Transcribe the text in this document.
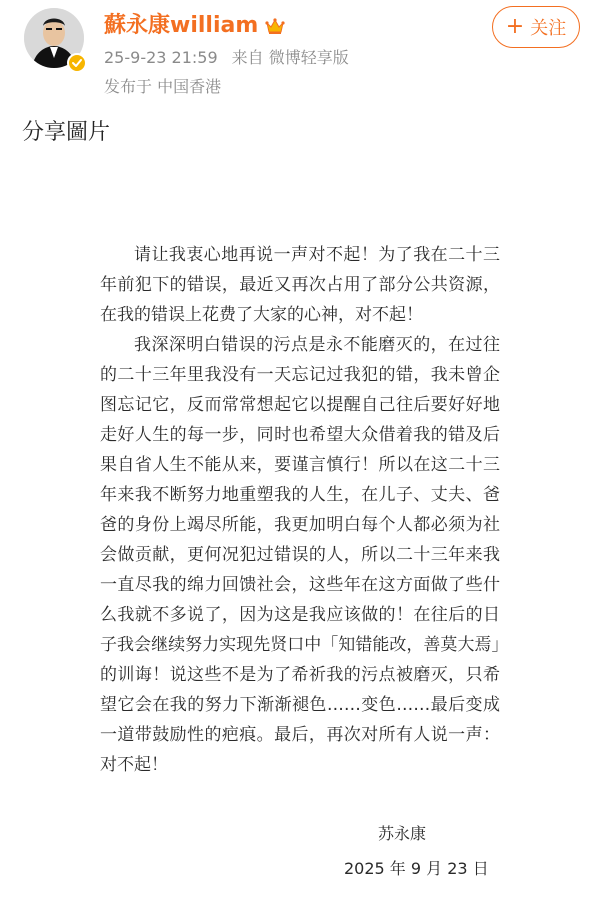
蘇永康william
25-9-23 21:59 来自 微博轻享版
发布于 中国香港
+ 关注
分享圖片

请让我衷心地再说一声对不起！为了我在二十三年前犯下的错误，最近又再次占用了部分公共资源，在我的错误上花费了大家的心神，对不起！

我深深明白错误的污点是永不能磨灭的，在过往的二十三年里我没有一天忘记过我犯的错，我未曾企图忘记它，反而常常想起它以提醒自己往后要好好地走好人生的每一步，同时也希望大众借着我的错及后果自省人生不能从来，要谨言慎行！所以在这二十三年来我不断努力地重塑我的人生，在儿子、丈夫、爸爸的身份上竭尽所能，我更加明白每个人都必须为社会做贡献，更何况犯过错误的人，所以二十三年来我一直尽我的绵力回馈社会，这些年在这方面做了些什么我就不多说了，因为这是我应该做的！在往后的日子我会继续努力实现先贤口中「知错能改，善莫大焉」的训诲！说这些不是为了希祈我的污点被磨灭，只希望它会在我的努力下渐渐褪色……变色……最后变成一道带鼓励性的疤痕。最后，再次对所有人说一声：对不起！

苏永康
2025 年 9 月 23 日
